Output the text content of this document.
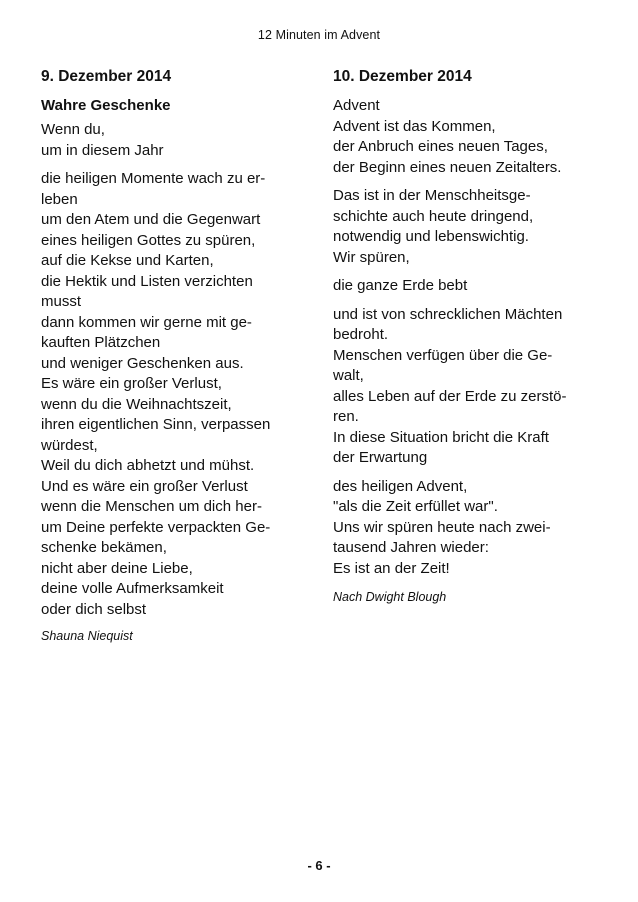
12 Minuten im Advent
9. Dezember 2014
Wahre Geschenke
Wenn du,
um in diesem Jahr
die heiligen Momente wach zu er-
leben
um den Atem und die Gegenwart
eines heiligen Gottes zu spüren,
auf die Kekse und Karten,
die Hektik und Listen verzichten
musst
dann kommen wir gerne mit ge-
kauften Plätzchen
und weniger Geschenken aus.
Es wäre ein großer Verlust,
wenn du die Weihnachtszeit,
ihren eigentlichen Sinn, verpassen
würdest,
Weil du dich abhetzt und mühst.
Und es wäre ein großer Verlust
wenn die Menschen um dich her-
um Deine perfekte verpackten Ge-
schenke bekämen,
nicht aber deine Liebe,
deine volle Aufmerksamkeit
oder dich selbst
Shauna Niequist
10. Dezember 2014
Advent
Advent ist das Kommen,
der Anbruch eines neuen Tages,
der Beginn eines neuen Zeitalters.
Das ist in der Menschheitsge-
schichte auch heute dringend,
notwendig und lebenswichtig.
Wir spüren,
die ganze Erde bebt
und ist von schrecklichen Mächten
bedroht.
Menschen verfügen über die Ge-
walt,
alles Leben auf der Erde zu zerstö-
ren.
In diese Situation bricht die Kraft
der Erwartung
des heiligen Advent,
"als die Zeit erfüllet war".
Uns wir spüren heute nach zwei-
tausend Jahren wieder:
Es ist an der Zeit!
Nach Dwight Blough
- 6 -
